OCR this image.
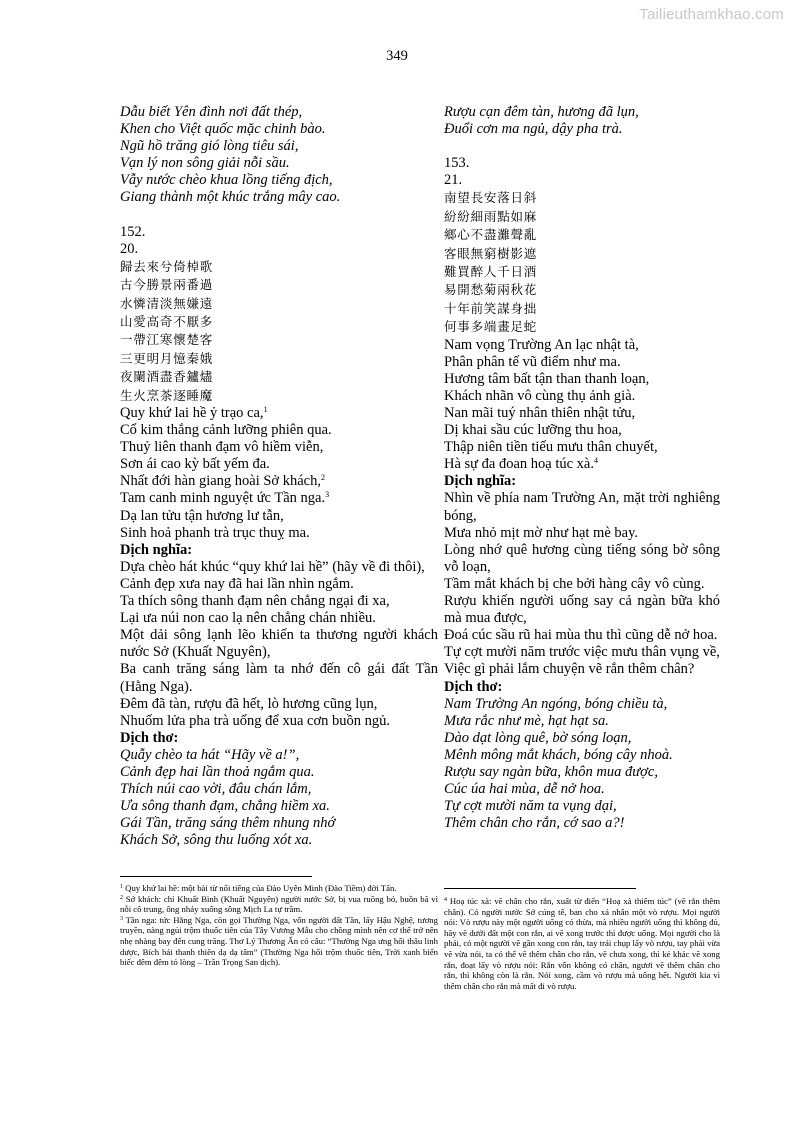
Tailieuthamkhao.com
349
Dẫu biết Yên đình nơi đất thép,
Khen cho Việt quốc mặc chinh bào.
Ngũ hồ trăng gió lòng tiêu sái,
Vạn lý non sông giải nỗi sầu.
Vẫy nước chèo khua lồng tiếng địch,
Giang thành một khúc trắng mây cao.
152.
20.
歸去來兮倚棹歌
古今勝景兩番過
水憐清淡無嫌遠
山愛高奇不厭多
一帶江寒懷楚客
三更明月憶秦娥
夜闌酒盡香鑪燼
生火烹茶逐睡魔
Quy khứ lai hề ỷ trạo ca,$^1$
Cổ kim thắng cảnh lưỡng phiên qua.
Thuỷ liên thanh đạm vô hiềm viễn,
Sơn ái cao kỳ bất yếm đa.
Nhất đới hàn giang hoài Sở khách,$^2$
Tam canh minh nguyệt ức Tần nga.$^3$
Dạ lan tửu tận hương lư tẫn,
Sinh hoả phanh trà trục thuỵ ma.
Dịch nghĩa:
Dựa chèo hát khúc “quy khứ lai hề” (hãy về đi thôi),
Cảnh đẹp xưa nay đã hai lần nhìn ngắm.
Ta thích sông thanh đạm nên chẳng ngại đi xa,
Lại ưa núi non cao lạ nên chẳng chán nhiều.
Một dải sông lạnh lẽo khiến ta thương người khách nước Sở (Khuất Nguyên),
Ba canh trăng sáng làm ta nhớ đến cô gái đất Tần (Hằng Nga).
Đêm đã tàn, rượu đã hết, lò hương cũng lụn,
Nhuốm lửa pha trà uống để xua cơn buồn ngủ.
Dịch thơ:
Quẫy chèo ta hát “Hãy về a!”,
Cảnh đẹp hai lần thoả ngắm qua.
Thích núi cao vời, đâu chán lắm,
Ưa sông thanh đạm, chẳng hiềm xa.
Gái Tần, trăng sáng thêm nhung nhớ
Khách Sở, sông thu luống xót xa.
Rượu cạn đêm tàn, hương đã lụn,
Đuổi cơn ma ngủ, dậy pha trà.
153.
21.
南望長安落日斜
紛紛細雨點如麻
鄉心不盡灘聲亂
客眼無窮樹影遮
難買醉人千日酒
易開愁菊兩秋花
十年前笑謀身拙
何事多端畫足蛇
Nam vọng Trường An lạc nhật tà,
Phân phân tế vũ điểm như ma.
Hương tâm bất tận than thanh loạn,
Khách nhãn vô cùng thụ ảnh già.
Nan mãi tuý nhân thiên nhật tửu,
Dị khai sầu cúc lưỡng thu hoa,
Thập niên tiền tiếu mưu thân chuyết,
Hà sự đa đoan hoạ túc xà.$^4$
Dịch nghĩa:
Nhìn về phía nam Trường An, mặt trời nghiêng bóng,
Mưa nhỏ mịt mờ như hạt mè bay.
Lòng nhớ quê hương cùng tiếng sóng bờ sông vỗ loạn,
Tầm mắt khách bị che bởi hàng cây vô cùng.
Rượu khiến người uống say cả ngàn bữa khó mà mua được,
Đoá cúc sầu rũ hai mùa thu thì cũng dễ nở hoa.
Tự cợt mười năm trước việc mưu thân vụng về,
Việc gì phải lắm chuyện vẽ rắn thêm chân?
Dịch thơ:
Nam Trường An ngóng, bóng chiều tà,
Mưa rắc như mè, hạt hạt sa.
Dào dạt lòng quê, bờ sóng loạn,
Mênh mông mắt khách, bóng cây nhoà.
Rượu say ngàn bữa, khôn mua được,
Cúc úa hai mùa, dễ nở hoa.
Tự cợt mười năm ta vụng dại,
Thêm chân cho rắn, cớ sao a?!

$^1$ Quy khứ lai hề: một bài từ nổi tiếng của Đào Uyên Minh (Đào Tiềm) đời Tấn.

$^2$ Sở khách: chỉ Khuất Bình (Khuất Nguyên) người nước Sở, bị vua ruồng bỏ, buồn bã vì nỗi cô trung, ông nhảy xuống sông Mịch La tự trầm.

$^3$ Tần nga: tức Hằng Nga, còn gọi Thường Nga, vốn người đất Tần, lấy Hậu Nghệ, tương truyền, nàng ngủi trộm thuốc tiên của Tây Vương Mẫu cho chồng mình nên cơ thể trở nên nhẹ nhàng bay đến cung trăng. Thơ Lý Thương Ẩn có câu: “Thường Nga ưng hối thâu linh dược, Bích hải thanh thiên dạ dạ tâm” (Thường Nga hối trộm thuốc tiên, Trời xanh biển biếc đêm đêm tỏ lòng – Trần Trọng San dịch).

$^4$ Hoạ túc xà: vẽ chân cho rắn, xuất từ điển “Hoạ xà thiêm túc” (vẽ rắn thêm chân). Có người nước Sở cúng tế, ban cho xá nhân một vò rượu. Mọi người nói: Vò rượu này một người uống có thừa, mà nhiều người uống thì không đủ, hãy vẽ dưới đất một con rắn, ai vẽ xong trước thì được uống. Mọi người cho là phải, có một người vẽ gần xong con rắn, tay trái chụp lấy vò rượu, tay phải vừa vẽ vừa nói, ta có thể vẽ thêm chân cho rắn, vẽ chưa xong, thì kẻ khác vẽ xong rắn, đoạt lấy vò rượu nói: Rắn vốn không có chân, ngươi vẽ thêm chân cho rắn, thì không còn là rắn. Nói xong, cầm vò rượu mà uống hết. Người kia vì thêm chân cho rắn mà mất đi vò rượu.
